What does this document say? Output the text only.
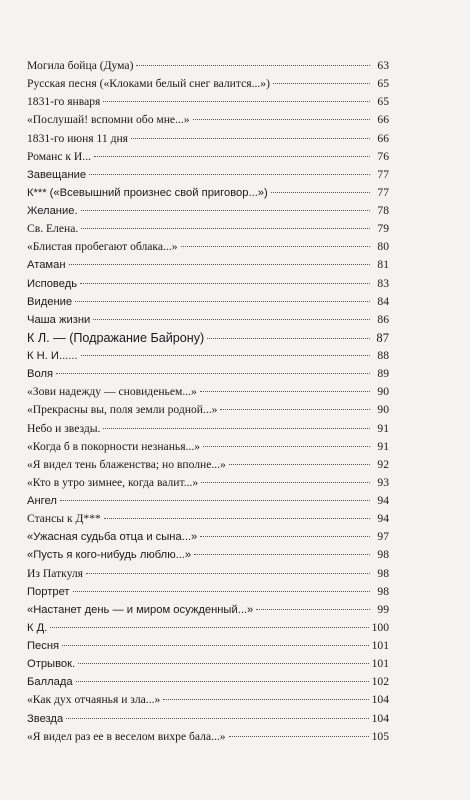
Могила бойца (Дума)	63
Русская песня («Клоками белый снег валится...»)	65
1831-го января	65
«Послушай! вспомни обо мне...»	66
1831-го июня 11 дня	66
Романс к И...	76
Завещание	77
К*** («Всевышний произнес свой приговор...»)	77
Желание.	78
Св. Елена.	79
«Блистая пробегают облака...»	80
Атаман	81
Исповедь	83
Видение	84
Чаша жизни	86
К Л. — (Подражание Байрону)	87
К Н. И......	88
Воля	89
«Зови надежду — сновиденьем...»	90
«Прекрасны вы, поля земли родной...»	90
Небо и звезды.	91
«Когда б в покорности незнанья...»	91
«Я видел тень блаженства; но вполне...»	92
«Кто в утро зимнее, когда валит...»	93
Ангел	94
Стансы к Д***	94
«Ужасная судьба отца и сына...»	97
«Пусть я кого-нибудь люблю...»	98
Из Паткуля	98
Портрет	98
«Настанет день — и миром осужденный...»	99
К Д.	100
Песня	101
Отрывок.	101
Баллада	102
«Как дух отчаянья и зла...»	104
Звезда	104
«Я видел раз ее в веселом вихре бала...»	105
